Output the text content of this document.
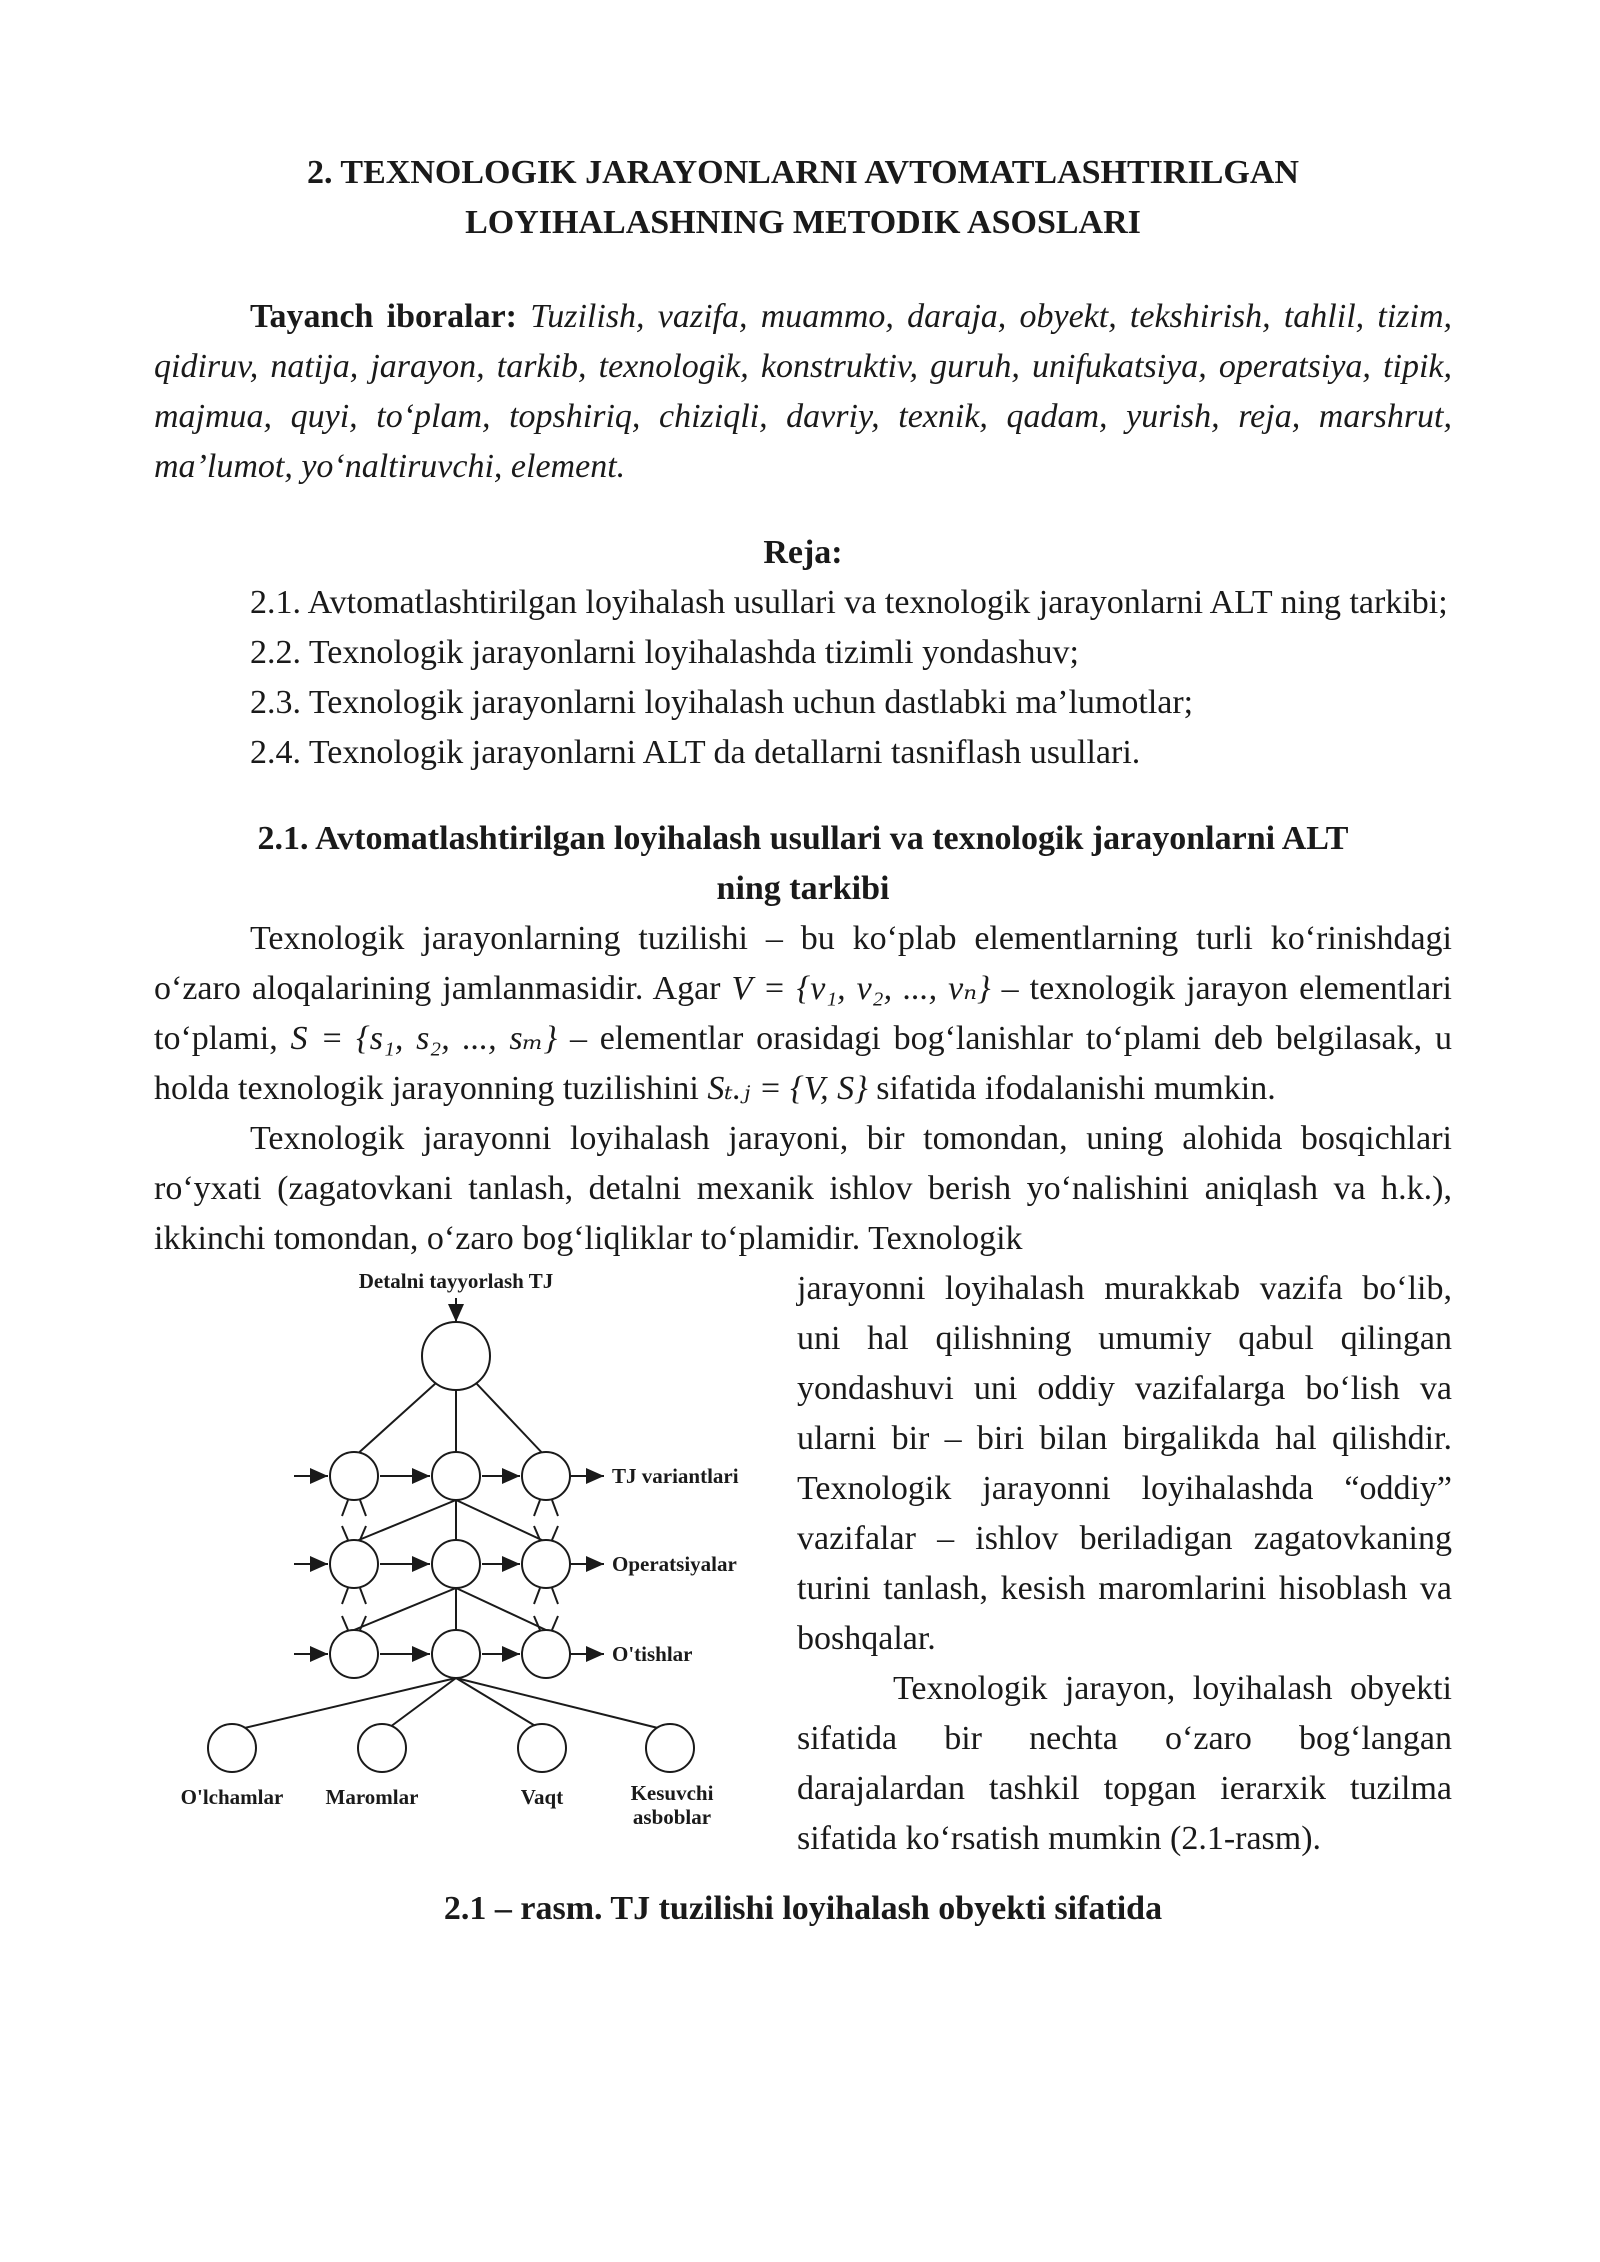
2. TEXNOLOGIK JARAYONLARNI AVTOMATLASHTIRILGAN
LOYIHALASHNING METODIK ASOSLARI

Tayanch iboralar: Tuzilish, vazifa, muammo, daraja, obyekt, tekshirish, tahlil, tizim, qidiruv, natija, jarayon, tarkib, texnologik, konstruktiv, guruh, unifukatsiya, operatsiya, tipik, majmua, quyi, to‘plam, topshiriq, chiziqli, davriy, texnik, qadam, yurish, reja, marshrut, ma’lumot, yo‘naltiruvchi, element.

Reja:

2.1. Avtomatlashtirilgan loyihalash usullari va texnologik jarayonlarni ALT ning tarkibi;

2.2. Texnologik jarayonlarni loyihalashda tizimli yondashuv;

2.3. Texnologik jarayonlarni loyihalash uchun dastlabki ma’lumotlar;

2.4. Texnologik jarayonlarni ALT da detallarni tasniflash usullari.

2.1. Avtomatlashtirilgan loyihalash usullari va texnologik jarayonlarni ALT
ning tarkibi

Texnologik jarayonlarning tuzilishi – bu ko‘plab elementlarning turli ko‘rinishdagi o‘zaro aloqalarining jamlanmasidir. Agar V = {v₁, v₂, ..., vₙ} – texnologik jarayon elementlari to‘plami, S = {s₁, s₂, ..., sₘ} – elementlar orasidagi bog‘lanishlar to‘plami deb belgilasak, u holda texnologik jarayonning tuzilishini Sₜ.ⱼ = {V, S} sifatida ifodalanishi mumkin.

Texnologik jarayonni loyihalash jarayoni, bir tomondan, uning alohida bosqichlari ro‘yxati (zagatovkani tanlash, detalni mexanik ishlov berish yo‘nalishini aniqlash va h.k.), ikkinchi tomondan, o‘zaro bog‘liqliklar to‘plamidir. Texnologik

Detalni tayyorlash TJ
TJ variantlari
Operatsiyalar
O'tishlar
O'lchamlar Maromlar	Vaqt	Kesuvchi
asboblar

jarayonni loyihalash murakkab vazifa bo‘lib, uni hal qilishning umumiy qabul qilingan yondashuvi uni oddiy vazifalarga bo‘lish va ularni bir – biri bilan birgalikda hal qilishdir. Texnologik jarayonni loyihalashda “oddiy” vazifalar – ishlov beriladigan zagatovkaning turini tanlash, kesish maromlarini hisoblash va boshqalar.

Texnologik jarayon, loyihalash obyekti sifatida bir nechta o‘zaro bog‘langan darajalardan tashkil topgan ierarxik tuzilma sifatida ko‘rsatish mumkin (2.1-rasm).

2.1 – rasm. TJ tuzilishi loyihalash obyekti sifatida
